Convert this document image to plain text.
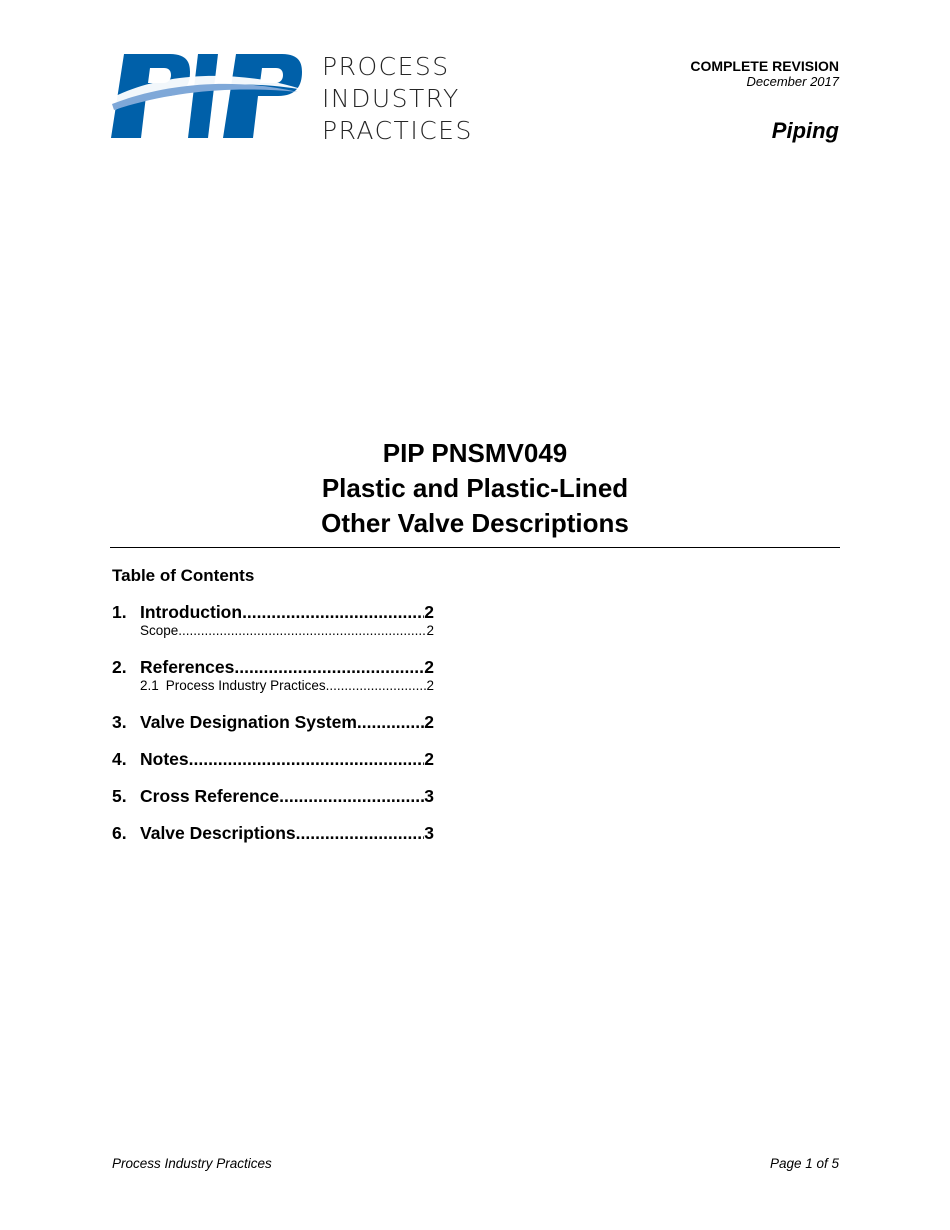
PROCESS
INDUSTRY
PRACTICES
COMPLETE REVISION
December 2017
Piping
PIP PNSMV049
Plastic and Plastic-Lined
Other Valve Descriptions
Table of Contents
1. Introduction .....	2
Scope .....	2
2. References .....	2
2.1 Process Industry Practices .....	2
3. Valve Designation System .....	2
4. Notes .....	2
5. Cross Reference .....	3
6. Valve Descriptions .....	3
Process Industry Practices	Page 1 of 5
